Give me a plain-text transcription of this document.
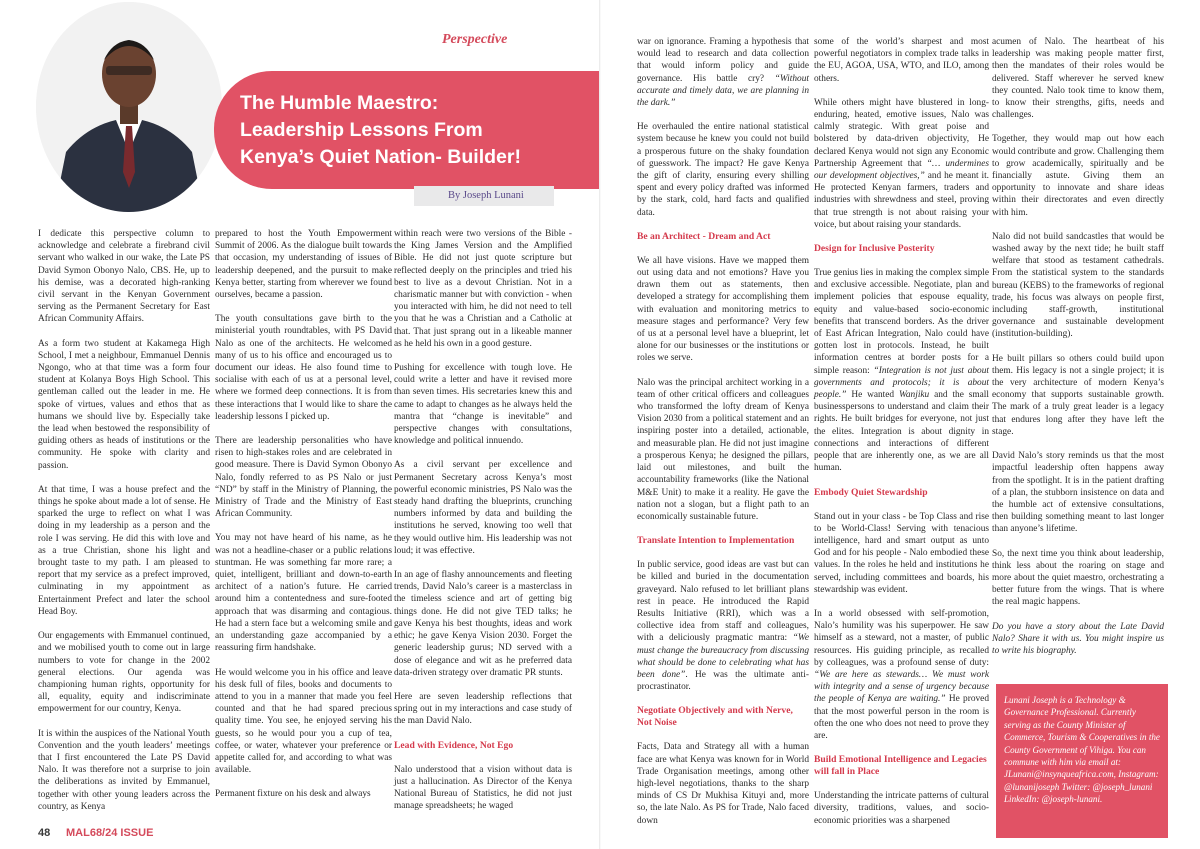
Perspective
The Humble Maestro:
Leadership Lessons From
Kenya’s Quiet Nation- Builder!
By Joseph Lunani

I dedicate this perspective column to acknowledge and celebrate a firebrand civil servant who walked in our wake, the Late PS David Symon Obonyo Nalo, CBS. He, up to his demise, was a decorated high-ranking civil servant in the Kenyan Government serving as the Permanent Secretary for East African Community Affairs.

As a form two student at Kakamega High School, I met a neighbour, Emmanuel Dennis Ngongo, who at that time was a form four student at Kolanya Boys High School. This gentleman called out the leader in me. He spoke of virtues, values and ethos that as humans we should live by. Especially take the lead when bestowed the responsibility of guiding others as heads of institutions or the community. He spoke with clarity and passion.

At that time, I was a house prefect and the things he spoke about made a lot of sense. He sparked the urge to reflect on what I was doing in my leadership as a person and the role I was serving. He did this with love and as a true Christian, shone his light and brought taste to my path. I am pleased to report that my service as a prefect improved, culminating in my appointment as Entertainment Prefect and later the school Head Boy.

Our engagements with Emmanuel continued, and we mobilised youth to come out in large numbers to vote for change in the 2002 general elections. Our agenda was championing human rights, opportunity for all, equality, equity and indiscriminate empowerment for our country, Kenya.

It is within the auspices of the National Youth Convention and the youth leaders’ meetings that I first encountered the Late PS David Nalo. It was therefore not a surprise to join the deliberations as invited by Emmanuel, together with other young leaders across the country, as Kenya

prepared to host the Youth Empowerment Summit of 2006. As the dialogue built towards that occasion, my understanding of issues of leadership deepened, and the pursuit to make Kenya better, starting from wherever we found ourselves, became a passion.

The youth consultations gave birth to the ministerial youth roundtables, with PS David Nalo as one of the architects. He welcomed many of us to his office and encouraged us to document our ideas. He also found time to socialise with each of us at a personal level, where we formed deep connections. It is from these interactions that I would like to share the leadership lessons I picked up.

There are leadership personalities who have risen to high-stakes roles and are celebrated in good measure. There is David Symon Obonyo Nalo, fondly referred to as PS Nalo or just “ND” by staff in the Ministry of Planning, the Ministry of Trade and the Ministry of East African Community.

You may not have heard of his name, as he was not a headline-chaser or a public relations stuntman. He was something far more rare; a quiet, intelligent, brilliant and down-to-earth architect of a nation’s future. He carried around him a contentedness and sure-footed approach that was disarming and contagious. He had a stern face but a welcoming smile and an understanding gaze accompanied by a reassuring firm handshake.

He would welcome you in his office and leave his desk full of files, books and documents to attend to you in a manner that made you feel counted and that he had spared precious quality time. You see, he enjoyed serving his guests, so he would pour you a cup of tea, coffee, or water, whatever your preference or appetite called for, and according to what was available.

Permanent fixture on his desk and always

within reach were two versions of the Bible - the King James Version and the Amplified Bible. He did not just quote scripture but reflected deeply on the principles and tried his best to live as a devout Christian. Not in a charismatic manner but with conviction - when you interacted with him, he did not need to tell you that he was a Christian and a Catholic at that. That just sprang out in a likeable manner as he held his own in a good gesture.

Pushing for excellence with tough love. He could write a letter and have it revised more than seven times. His secretaries knew this and came to adapt to changes as he always held the mantra that “change is inevitable” and perspective changes with consultations, knowledge and political innuendo.

As a civil servant per excellence and Permanent Secretary across Kenya’s most powerful economic ministries, PS Nalo was the steady hand drafting the blueprints, crunching numbers informed by data and building the institutions he served, knowing too well that they would outlive him. His leadership was not loud; it was effective.

In an age of flashy announcements and fleeting trends, David Nalo’s career is a masterclass in the timeless science and art of getting big things done. He did not give TED talks; he gave Kenya his best thoughts, ideas and work ethic; he gave Kenya Vision 2030. Forget the generic leadership gurus; ND served with a dose of elegance and wit as he preferred data data-driven strategy over dramatic PR stunts.

Here are seven leadership reflections that spring out in my interactions and case study of the man David Nalo.

Lead with Evidence, Not Ego

Nalo understood that a vision without data is just a hallucination. As Director of the Kenya National Bureau of Statistics, he did not just manage spreadsheets; he waged

48 MAL68/24 ISSUE

war on ignorance. Framing a hypothesis that would lead to research and data collection that would inform policy and guide governance. His battle cry? “Without accurate and timely data, we are planning in the dark.”

He overhauled the entire national statistical system because he knew you could not build a prosperous future on the shaky foundation of guesswork. The impact? He gave Kenya the gift of clarity, ensuring every shilling spent and every policy drafted was informed by the stark, cold, hard facts and qualified data.

Be an Architect - Dream and Act

We all have visions. Have we mapped them out using data and not emotions? Have you drawn them out as statements, then developed a strategy for accomplishing them with evaluation and monitoring metrics to measure stages and performance? Very few of us at a personal level have a blueprint, let alone for our businesses or the institutions or roles we serve.

Nalo was the principal architect working in a team of other critical officers and colleagues who transformed the lofty dream of Kenya Vision 2030 from a political statement and an inspiring poster into a detailed, actionable, and measurable plan. He did not just imagine a prosperous Kenya; he designed the pillars, laid out milestones, and built the accountability frameworks (like the National M&E Unit) to make it a reality. He gave the nation not a slogan, but a flight path to an economically sustainable future.

Translate Intention to Implementation

In public service, good ideas are vast but can be killed and buried in the documentation graveyard. Nalo refused to let brilliant plans rest in peace. He introduced the Rapid Results Initiative (RRI), which was a collective idea from staff and colleagues, with a deliciously pragmatic mantra: “We must change the bureaucracy from discussing what should be done to celebrating what has been done”. He was the ultimate anti-procrastinator.

Negotiate Objectively and with Nerve, Not Noise

Facts, Data and Strategy all with a human face are what Kenya was known for in World Trade Organisation meetings, among other high-level negotiations, thanks to the sharp minds of CS Dr Mukhisa Kituyi and, more so, the late Nalo. As PS for Trade, Nalo faced down

some of the world’s sharpest and most powerful negotiators in complex trade talks in the EU, AGOA, USA, WTO, and ILO, among others.

While others might have blustered in long-enduring, heated, emotive issues, Nalo was calmly strategic. With great poise and bolstered by data-driven objectivity, He declared Kenya would not sign any Economic Partnership Agreement that “… undermines our development objectives,” and he meant it. He protected Kenyan farmers, traders and industries with shrewdness and steel, proving that true strength is not about raising your voice, but about raising your standards.

Design for Inclusive Posterity

True genius lies in making the complex simple and exclusive accessible. Negotiate, plan and implement policies that espouse equality, equity and value-based socio-economic benefits that transcend borders. As the driver of East African Integration, Nalo could have gotten lost in protocols. Instead, he built information centres at border posts for a simple reason: “Integration is not just about governments and protocols; it is about people.” He wanted Wanjiku and the small businesspersons to understand and claim their rights. He built bridges for everyone, not just the elites. Integration is about dignity in connections and interactions of different people that are inherently one, as we are all human.

Embody Quiet Stewardship

Stand out in your class - be Top Class and rise to be World-Class! Serving with tenacious intelligence, hard and smart output as unto God and for his people - Nalo embodied these values. In the roles he held and institutions he served, including committees and boards, his stewardship was evident.

In a world obsessed with self-promotion, Nalo’s humility was his superpower. He saw himself as a steward, not a master, of public resources. His guiding principle, as recalled by colleagues, was a profound sense of duty: “We are here as stewards… We must work with integrity and a sense of urgency because the people of Kenya are waiting.” He proved that the most powerful person in the room is often the one who does not need to prove they are.

Build Emotional Intelligence and Legacies will fall in Place

Understanding the intricate patterns of cultural diversity, traditions, values, and socio-economic priorities was a sharpened

acumen of Nalo. The heartbeat of his leadership was making people matter first, then the mandates of their roles would be delivered. Staff wherever he served knew they counted. Nalo took time to know them, to know their strengths, gifts, needs and challenges.

Together, they would map out how each would contribute and grow. Challenging them to grow academically, spiritually and be financially astute. Giving them an opportunity to innovate and share ideas within their directorates and even directly with him.

Nalo did not build sandcastles that would be washed away by the next tide; he built staff welfare that stood as testament cathedrals. From the statistical system to the standards bureau (KEBS) to the frameworks of regional trade, his focus was always on people first, including staff-growth, institutional governance and sustainable development (institution-building).

He built pillars so others could build upon them. His legacy is not a single project; it is the very architecture of modern Kenya’s economy that supports sustainable growth. The mark of a truly great leader is a legacy that endures long after they have left the stage.

David Nalo’s story reminds us that the most impactful leadership often happens away from the spotlight. It is in the patient drafting of a plan, the stubborn insistence on data and the humble act of extensive consultations, then building something meant to last longer than anyone’s lifetime.

So, the next time you think about leadership, think less about the roaring on stage and more about the quiet maestro, orchestrating a better future from the wings. That is where the real magic happens.

Do you have a story about the Late David Nalo? Share it with us. You might inspire us to write his biography.

Lunani Joseph is a Technology & Governance Professional. Currently serving as the County Minister of Commerce, Tourism & Cooperatives in the County Government of Vihiga. You can commune with him via email at: JLunani@insynqueafrica.com, Instagram: @lunanijoseph Twitter: @joseph_lunani LinkedIn: @joseph-lunani.
